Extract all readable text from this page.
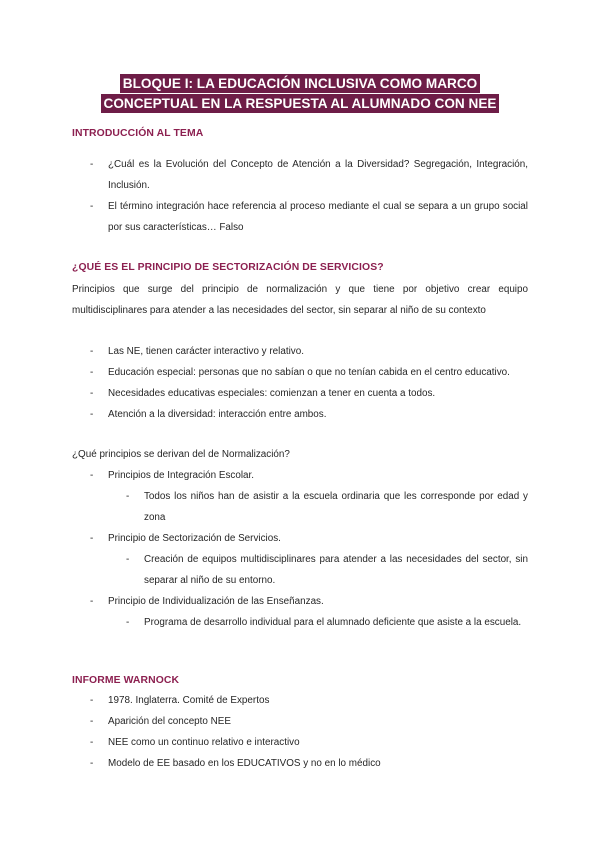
BLOQUE I: LA EDUCACIÓN INCLUSIVA COMO MARCO
CONCEPTUAL EN LA RESPUESTA AL ALUMNADO CON NEE
INTRODUCCIÓN AL TEMA
- ¿Cuál es la Evolución del Concepto de Atención a la Diversidad? Segregación, Integración, Inclusión.
- El término integración hace referencia al proceso mediante el cual se separa a un grupo social por sus características… Falso
¿QUÉ ES EL PRINCIPIO DE SECTORIZACIÓN DE SERVICIOS?
Principios que surge del principio de normalización y que tiene por objetivo crear equipo multidisciplinares para atender a las necesidades del sector, sin separar al niño de su contexto
- Las NE, tienen carácter interactivo y relativo.
- Educación especial: personas que no sabían o que no tenían cabida en el centro educativo.
- Necesidades educativas especiales: comienzan a tener en cuenta a todos.
- Atención a la diversidad: interacción entre ambos.
¿Qué principios se derivan del de Normalización?
- Principios de Integración Escolar.
- Todos los niños han de asistir a la escuela ordinaria que les corresponde por edad y zona
- Principio de Sectorización de Servicios.
- Creación de equipos multidisciplinares para atender a las necesidades del sector, sin separar al niño de su entorno.
- Principio de Individualización de las Enseñanzas.
- Programa de desarrollo individual para el alumnado deficiente que asiste a la escuela.
INFORME WARNOCK
- 1978. Inglaterra. Comité de Expertos
- Aparición del concepto NEE
- NEE como un continuo relativo e interactivo
- Modelo de EE basado en los EDUCATIVOS y no en lo médico
